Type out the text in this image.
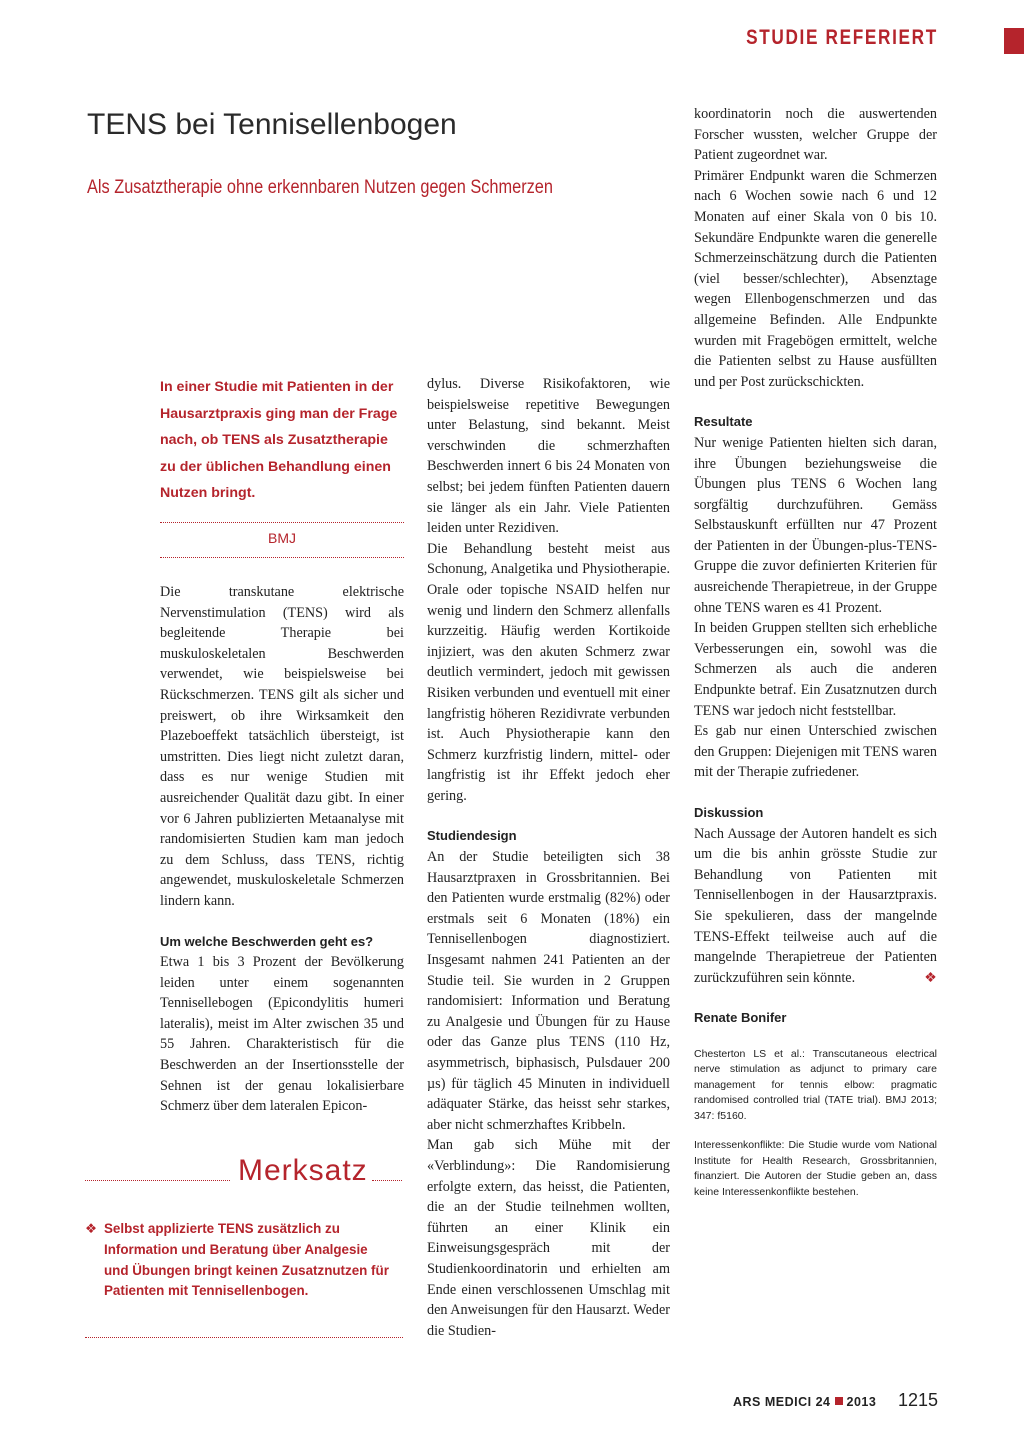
STUDIE REFERIERT
TENS bei Tennisellenbogen
Als Zusatztherapie ohne erkennbaren Nutzen gegen Schmerzen
In einer Studie mit Patienten in der Hausarztpraxis ging man der Frage nach, ob TENS als Zusatztherapie zu der üblichen Behandlung einen Nutzen bringt.
BMJ

Die transkutane elektrische Nervenstimulation (TENS) wird als begleitende Therapie bei muskuloskeletalen Beschwerden verwendet, wie beispielsweise bei Rückschmerzen. TENS gilt als sicher und preiswert, ob ihre Wirksamkeit den Plazeboeffekt tatsächlich übersteigt, ist umstritten. Dies liegt nicht zuletzt daran, dass es nur wenige Studien mit ausreichender Qualität dazu gibt. In einer vor 6 Jahren publizierten Metaanalyse mit randomisierten Studien kam man jedoch zu dem Schluss, dass TENS, richtig angewendet, muskuloskeletale Schmerzen lindern kann.

Um welche Beschwerden geht es?

Etwa 1 bis 3 Prozent der Bevölkerung leiden unter einem sogenannten Tennisellebogen (Epicondylitis humeri lateralis), meist im Alter zwischen 35 und 55 Jahren. Charakteristisch für die Beschwerden an der Insertionsstelle der Sehnen ist der genau lokalisierbare Schmerz über dem lateralen Epicon-

Merksatz
❖ Selbst applizierte TENS zusätzlich zu Information und Beratung über Analgesie und Übungen bringt keinen Zusatznutzen für Patienten mit Tennisellenbogen.

dylus. Diverse Risikofaktoren, wie beispielsweise repetitive Bewegungen unter Belastung, sind bekannt. Meist verschwinden die schmerzhaften Beschwerden innert 6 bis 24 Monaten von selbst; bei jedem fünften Patienten dauern sie länger als ein Jahr. Viele Patienten leiden unter Rezidiven.

Die Behandlung besteht meist aus Schonung, Analgetika und Physiotherapie. Orale oder topische NSAID helfen nur wenig und lindern den Schmerz allenfalls kurzzeitig. Häufig werden Kortikoide injiziert, was den akuten Schmerz zwar deutlich vermindert, jedoch mit gewissen Risiken verbunden und eventuell mit einer langfristig höheren Rezidivrate verbunden ist. Auch Physiotherapie kann den Schmerz kurzfristig lindern, mittel- oder langfristig ist ihr Effekt jedoch eher gering.

Studiendesign

An der Studie beteiligten sich 38 Hausarztpraxen in Grossbritannien. Bei den Patienten wurde erstmalig (82%) oder erstmals seit 6 Monaten (18%) ein Tennisellenbogen diagnostiziert. Insgesamt nahmen 241 Patienten an der Studie teil. Sie wurden in 2 Gruppen randomisiert: Information und Beratung zu Analgesie und Übungen für zu Hause oder das Ganze plus TENS (110 Hz, asymmetrisch, biphasisch, Pulsdauer 200 µs) für täglich 45 Minuten in individuell adäquater Stärke, das heisst sehr starkes, aber nicht schmerzhaftes Kribbeln.

Man gab sich Mühe mit der «Verblindung»: Die Randomisierung erfolgte extern, das heisst, die Patienten, die an der Studie teilnehmen wollten, führten an einer Klinik ein Einweisungsgespräch mit der Studienkoordinatorin und erhielten am Ende einen verschlossenen Umschlag mit den Anweisungen für den Hausarzt. Weder die Studien-

koordinatorin noch die auswertenden Forscher wussten, welcher Gruppe der Patient zugeordnet war.

Primärer Endpunkt waren die Schmerzen nach 6 Wochen sowie nach 6 und 12 Monaten auf einer Skala von 0 bis 10. Sekundäre Endpunkte waren die generelle Schmerzeinschätzung durch die Patienten (viel besser/schlechter), Absenztage wegen Ellenbogenschmerzen und das allgemeine Befinden. Alle Endpunkte wurden mit Fragebögen ermittelt, welche die Patienten selbst zu Hause ausfüllten und per Post zurückschickten.

Resultate

Nur wenige Patienten hielten sich daran, ihre Übungen beziehungsweise die Übungen plus TENS 6 Wochen lang sorgfältig durchzuführen. Gemäss Selbstauskunft erfüllten nur 47 Prozent der Patienten in der Übungen-plus-TENS-Gruppe die zuvor definierten Kriterien für ausreichende Therapietreue, in der Gruppe ohne TENS waren es 41 Prozent.

In beiden Gruppen stellten sich erhebliche Verbesserungen ein, sowohl was die Schmerzen als auch die anderen Endpunkte betraf. Ein Zusatznutzen durch TENS war jedoch nicht feststellbar.

Es gab nur einen Unterschied zwischen den Gruppen: Diejenigen mit TENS waren mit der Therapie zufriedener.

Diskussion

Nach Aussage der Autoren handelt es sich um die bis anhin grösste Studie zur Behandlung von Patienten mit Tennisellenbogen in der Hausarztpraxis. Sie spekulieren, dass der mangelnde TENS-Effekt teilweise auch auf die mangelnde Therapietreue der Patienten zurückzuführen sein könnte.	❖

Renate Bonifer

Chesterton LS et al.: Transcutaneous electrical nerve stimulation as adjunct to primary care management for tennis elbow: pragmatic randomised controlled trial (TATE trial). BMJ 2013; 347: f5160.

Interessenkonflikte: Die Studie wurde vom National Institute for Health Research, Grossbritannien, finanziert. Die Autoren der Studie geben an, dass keine Interessenkonflikte bestehen.

ARS MEDICI 24 2013 1215
